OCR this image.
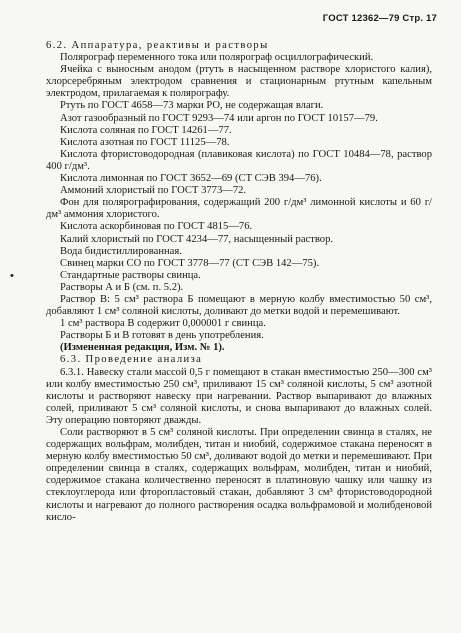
ГОСТ 12362—79 Стр. 17
•

6.2. Аппаратура, реактивы и растворы

Полярограф переменного тока или полярограф осциллографический.

Ячейка с выносным анодом (ртуть в насыщенном растворе хлористого калия), хлорсеребряным электродом сравнения и стационарным ртутным капельным электродом, прилагаемая к полярографу.

Ртуть по ГОСТ 4658—73 марки РО, не содержащая влаги.

Азот газообразный по ГОСТ 9293—74 или аргон по ГОСТ 10157—79.

Кислота соляная по ГОСТ 14261—77.

Кислота азотная по ГОСТ 11125—78.

Кислота фтористоводородная (плавиковая кислота) по ГОСТ 10484—78, раствор 400 г/дм³.

Кислота лимонная по ГОСТ 3652—69 (СТ СЭВ 394—76).

Аммоний хлористый по ГОСТ 3773—72.

Фон для полярографирования, содержащий 200 г/дм³ лимонной кислоты и 60 г/дм³ аммония хлористого.

Кислота аскорбиновая по ГОСТ 4815—76.

Калий хлористый по ГОСТ 4234—77, насыщенный раствор.

Вода бидистиллированная.

Свинец марки СО по ГОСТ 3778—77 (СТ СЭВ 142—75).

Стандартные растворы свинца.

Растворы А и Б (см. п. 5.2).

Раствор В: 5 см³ раствора Б помещают в мерную колбу вместимостью 50 см³, добавляют 1 см³ соляной кислоты, доливают до метки водой и перемешивают.

1 см³ раствора В содержит 0,000001 г свинца.

Растворы Б и В готовят в день употребления.

(Измененная редакция, Изм. № 1).

6.3. Проведение анализа

6.3.1. Навеску стали массой 0,5 г помещают в стакан вместимостью 250—300 см³ или колбу вместимостью 250 см³, приливают 15 см³ соляной кислоты, 5 см³ азотной кислоты и растворяют навеску при нагревании. Раствор выпаривают до влажных солей, приливают 5 см³ соляной кислоты, и снова выпаривают до влажных солей. Эту операцию повторяют дважды.

Соли растворяют в 5 см³ соляной кислоты. При определении свинца в сталях, не содержащих вольфрам, молибден, титан и ниобий, содержимое стакана переносят в мерную колбу вместимостью 50 см³, доливают водой до метки и перемешивают. При определении свинца в сталях, содержащих вольфрам, молибден, титан и ниобий, содержимое стакана количественно переносят в платиновую чашку или чашку из стеклоуглерода или фторопластовый стакан, добавляют 3 см³ фтористоводородной кислоты и нагревают до полного растворения осадка вольфрамовой и молибденовой кисло-
